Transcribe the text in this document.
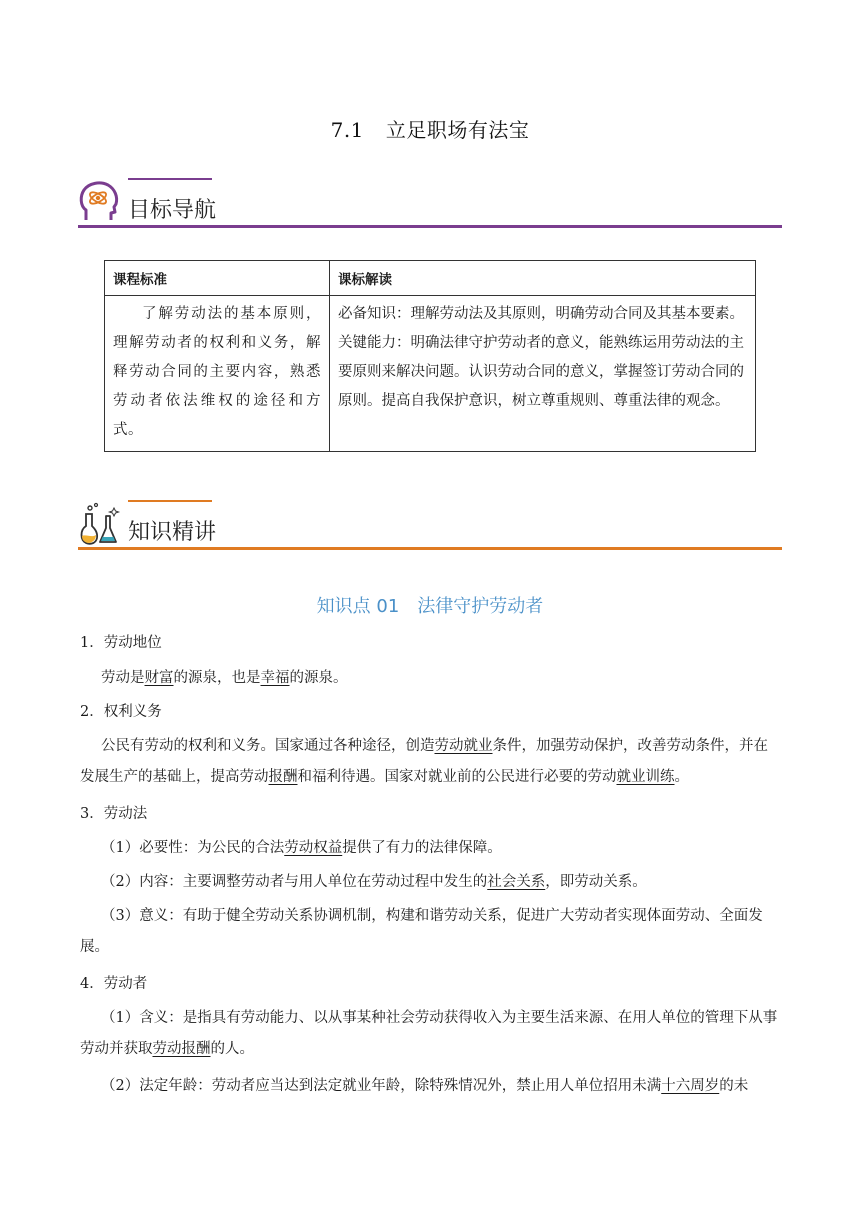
7.1 立足职场有法宝
目标导航
课程标准	课标解读
了解劳动法的基本原则，理解劳动者的权利和义务，解释劳动合同的主要内容，熟悉劳动者依法维权的途径和方式。	必备知识：理解劳动法及其原则，明确劳动合同及其基本要素。
关键能力：明确法律守护劳动者的意义，能熟练运用劳动法的主要原则来解决问题。认识劳动合同的意义，掌握签订劳动合同的原则。提高自我保护意识，树立尊重规则、尊重法律的观念。
知识精讲
知识点 01 法律守护劳动者
1．劳动地位
劳动是财富的源泉，也是幸福的源泉。
2．权利义务
公民有劳动的权利和义务。国家通过各种途径，创造劳动就业条件，加强劳动保护，改善劳动条件，并在发展生产的基础上，提高劳动报酬和福利待遇。国家对就业前的公民进行必要的劳动就业训练。
3．劳动法
（1）必要性：为公民的合法劳动权益提供了有力的法律保障。
（2）内容：主要调整劳动者与用人单位在劳动过程中发生的社会关系，即劳动关系。
（3）意义：有助于健全劳动关系协调机制，构建和谐劳动关系，促进广大劳动者实现体面劳动、全面发展。
4．劳动者
（1）含义：是指具有劳动能力、以从事某种社会劳动获得收入为主要生活来源、在用人单位的管理下从事劳动并获取劳动报酬的人。
（2）法定年龄：劳动者应当达到法定就业年龄，除特殊情况外，禁止用人单位招用未满十六周岁的未
